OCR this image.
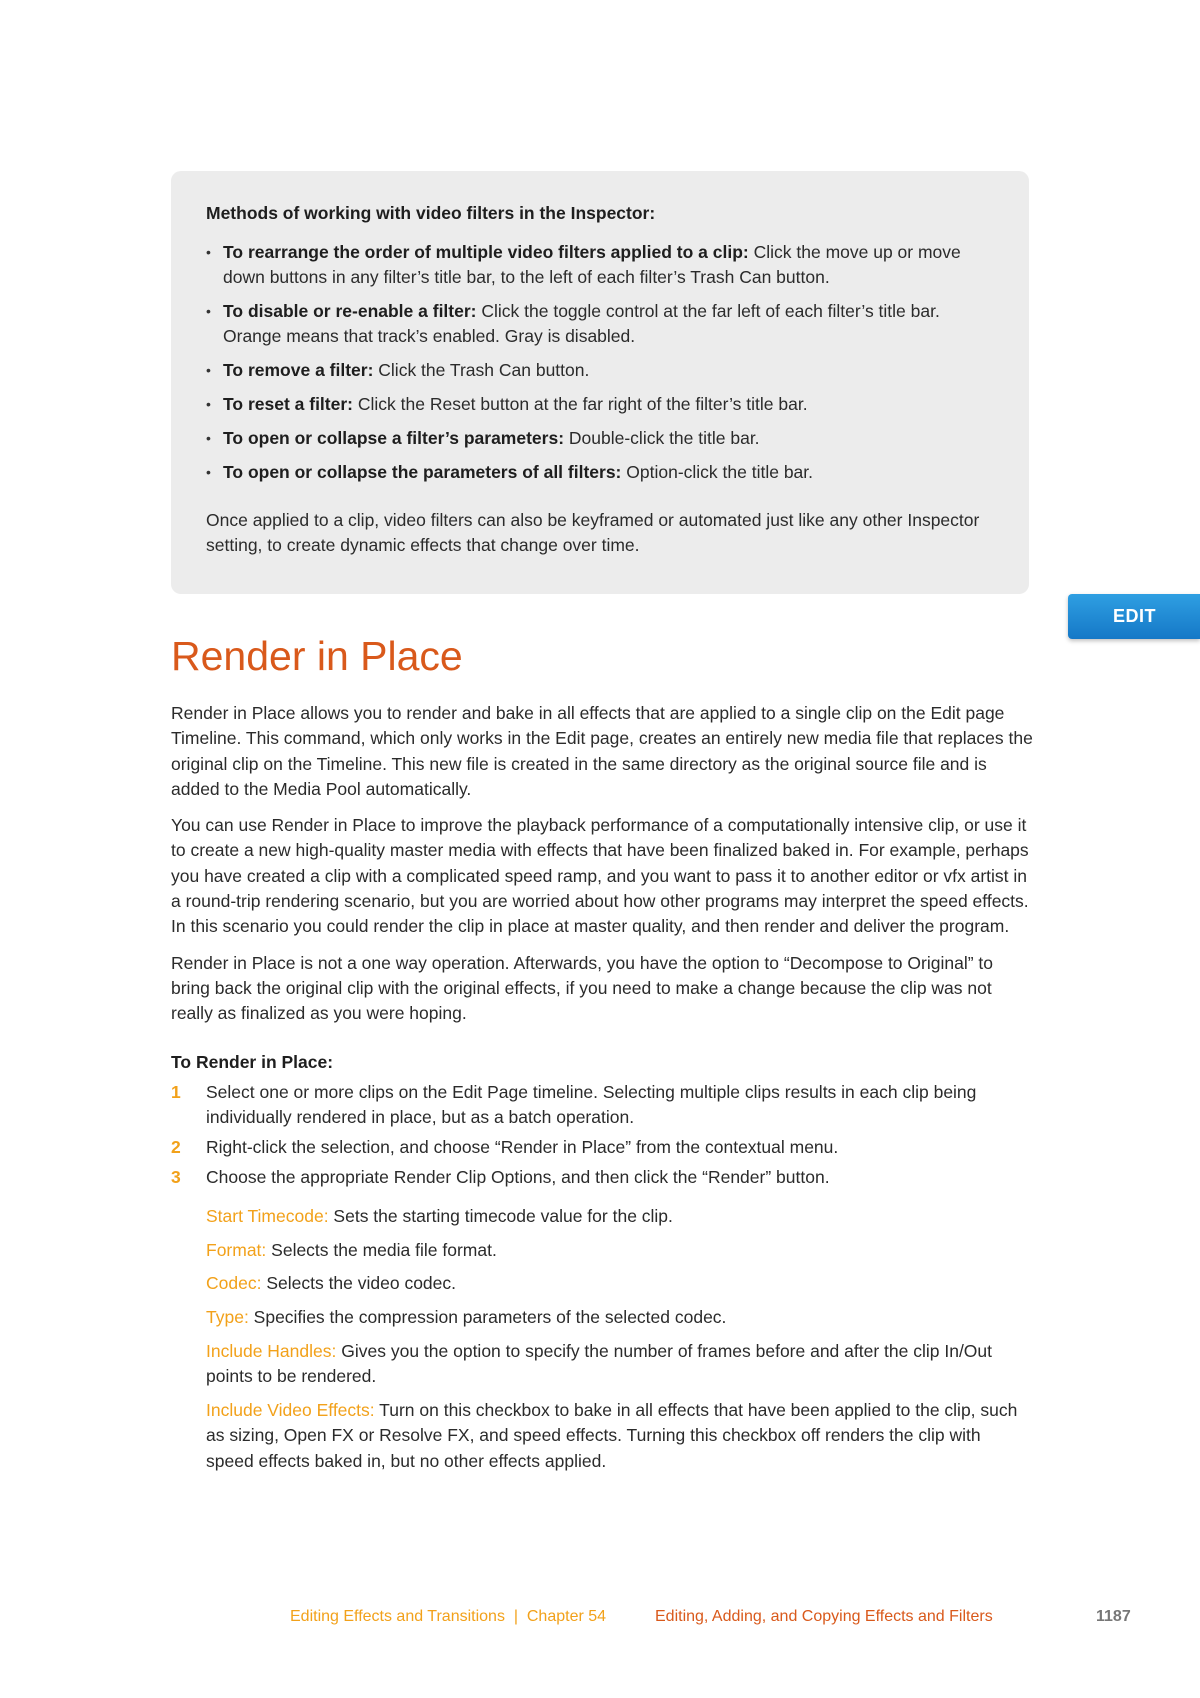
Methods of working with video filters in the Inspector:
• To rearrange the order of multiple video filters applied to a clip: Click the move up or move down buttons in any filter’s title bar, to the left of each filter’s Trash Can button.
• To disable or re-enable a filter: Click the toggle control at the far left of each filter’s title bar. Orange means that track’s enabled. Gray is disabled.
• To remove a filter: Click the Trash Can button.
• To reset a filter: Click the Reset button at the far right of the filter’s title bar.
• To open or collapse a filter’s parameters: Double-click the title bar.
• To open or collapse the parameters of all filters: Option-click the title bar.

Once applied to a clip, video filters can also be keyframed or automated just like any other Inspector setting, to create dynamic effects that change over time.

EDIT
Render in Place

Render in Place allows you to render and bake in all effects that are applied to a single clip on the Edit page Timeline. This command, which only works in the Edit page, creates an entirely new media file that replaces the original clip on the Timeline. This new file is created in the same directory as the original source file and is added to the Media Pool automatically.

You can use Render in Place to improve the playback performance of a computationally intensive clip, or use it to create a new high-quality master media with effects that have been finalized baked in. For example, perhaps you have created a clip with a complicated speed ramp, and you want to pass it to another editor or vfx artist in a round-trip rendering scenario, but you are worried about how other programs may interpret the speed effects. In this scenario you could render the clip in place at master quality, and then render and deliver the program.

Render in Place is not a one way operation. Afterwards, you have the option to “Decompose to Original” to bring back the original clip with the original effects, if you need to make a change because the clip was not really as finalized as you were hoping.

To Render in Place:
1 Select one or more clips on the Edit Page timeline. Selecting multiple clips results in each clip being individually rendered in place, but as a batch operation.
2 Right-click the selection, and choose “Render in Place” from the contextual menu.
3 Choose the appropriate Render Clip Options, and then click the “Render” button.

Start Timecode: Sets the starting timecode value for the clip.

Format: Selects the media file format.

Codec: Selects the video codec.

Type: Specifies the compression parameters of the selected codec.

Include Handles: Gives you the option to specify the number of frames before and after the clip In/Out points to be rendered.

Include Video Effects: Turn on this checkbox to bake in all effects that have been applied to the clip, such as sizing, Open FX or Resolve FX, and speed effects. Turning this checkbox off renders the clip with speed effects baked in, but no other effects applied.

Editing Effects and Transitions | Chapter 54	Editing, Adding, and Copying Effects and Filters	1187
